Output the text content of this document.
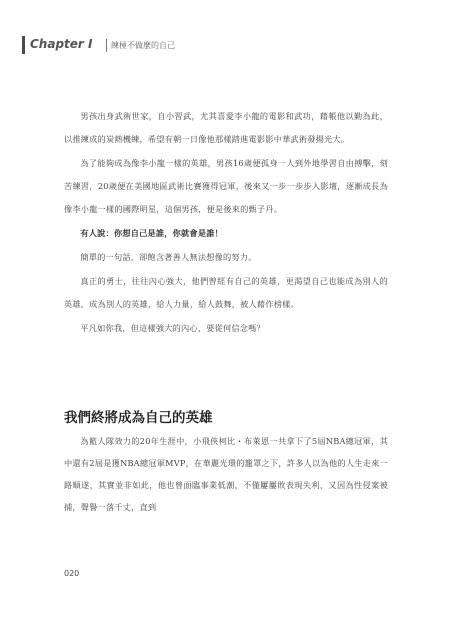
Chapter I 練極不做麼的自己

男孩出身武術世家，自小習武，尤其喜愛李小龍的電影和武功，藉帳他以勤為此，以推練成的炭熱機練，希望有朝一日像他那樣踏進電影影中華武術發揚光大。

為了能夠成為像李小龍一樣的英雄，男孩16歲便孤身一人到外地學習自由搏擊，刻苦練習，20歲便在美國地區武術比賽獲得冠軍，後來又一步一步步入影壇，逐漸成長為像李小龍一樣的國際明星，這個男孩，便是後來的甄子丹。

有人說：你想自己是誰，你就會是誰！

簡單的一句話，卻飽含著善人無法想像的努力。

真正的勇士，往往內心強大，他們曾經有自己的英雄，更渴望自己也能成為別人的英雄，成為別人的英雄，給人力量，給人鼓舞，被人藉作榜樣。

平凡如你我，但這樣強大的內心，要從何信念嗎？

我們終將成為自己的英雄

為籃人隊效力的20年生涯中，小飛俠柯比・布萊恩一共拿下了5屆NBA總冠軍，其中還有2屆是獲NBA總冠軍MVP，在華麗光環的籠罩之下，許多人以為他的人生走來一路順遂，其實並非如此，他也曾面臨事業低潮，不僅屢屢敗表現失利，又因為性侵案被捕，聲譽一落千丈，直到

020
